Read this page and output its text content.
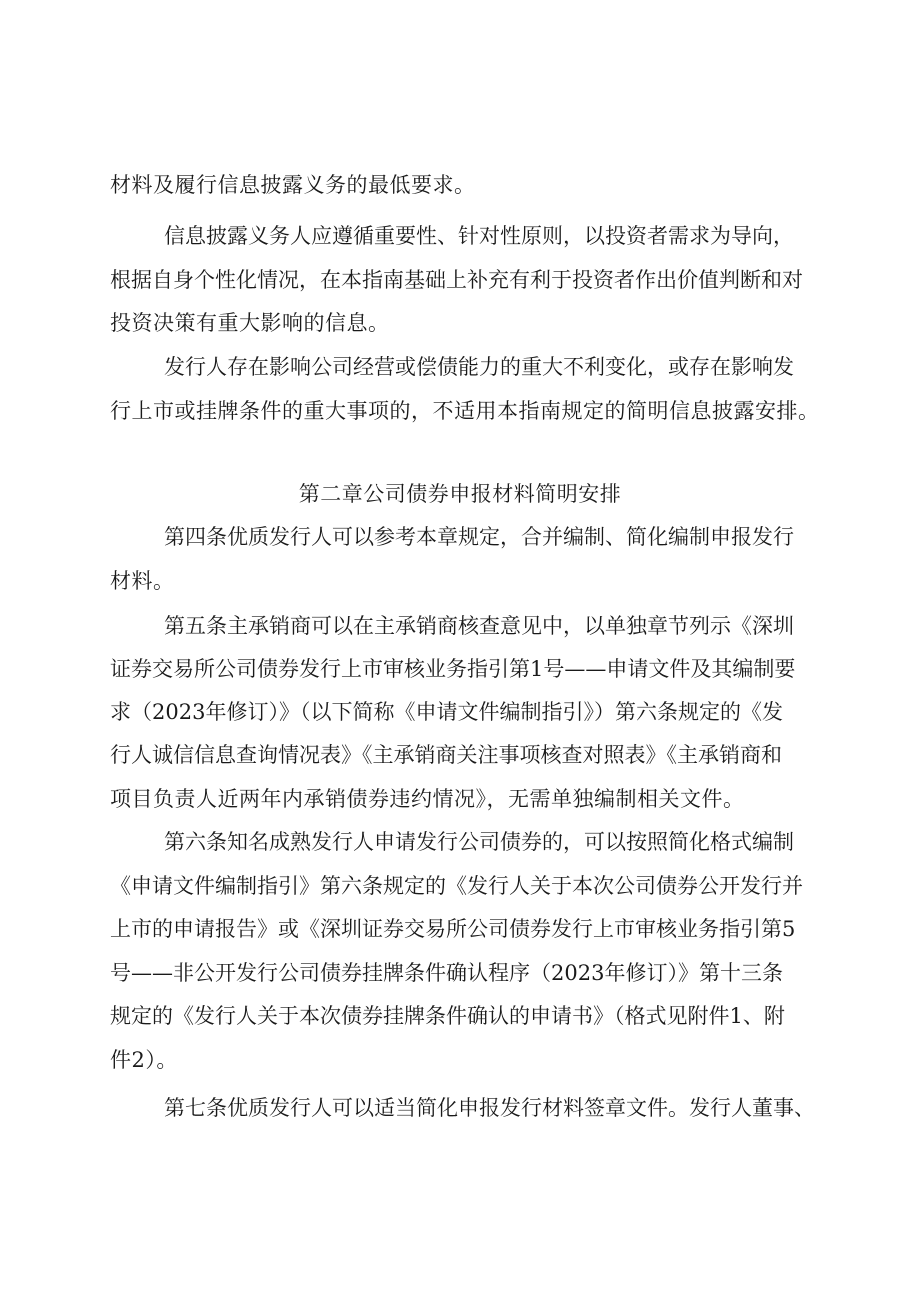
材料及履行信息披露义务的最低要求。

信息披露义务人应遵循重要性、针对性原则，以投资者需求为导向，

根据自身个性化情况，在本指南基础上补充有利于投资者作出价值判断和对

投资决策有重大影响的信息。

发行人存在影响公司经营或偿债能力的重大不利变化，或存在影响发

行上市或挂牌条件的重大事项的，不适用本指南规定的简明信息披露安排。

第二章公司债券申报材料简明安排

第四条优质发行人可以参考本章规定，合并编制、简化编制申报发行

材料。

第五条主承销商可以在主承销商核查意见中，以单独章节列示《深圳

证券交易所公司债券发行上市审核业务指引第1号——申请文件及其编制要

求（2023年修订）》（以下简称《申请文件编制指引》）第六条规定的《发

行人诚信信息查询情况表》《主承销商关注事项核查对照表》《主承销商和

项目负责人近两年内承销债券违约情况》，无需单独编制相关文件。

第六条知名成熟发行人申请发行公司债券的，可以按照简化格式编制

《申请文件编制指引》第六条规定的《发行人关于本次公司债券公开发行并

上市的申请报告》或《深圳证券交易所公司债券发行上市审核业务指引第5

号——非公开发行公司债券挂牌条件确认程序（2023年修订）》第十三条

规定的《发行人关于本次债券挂牌条件确认的申请书》（格式见附件1、附

件2）。

第七条优质发行人可以适当简化申报发行材料签章文件。发行人董事、
